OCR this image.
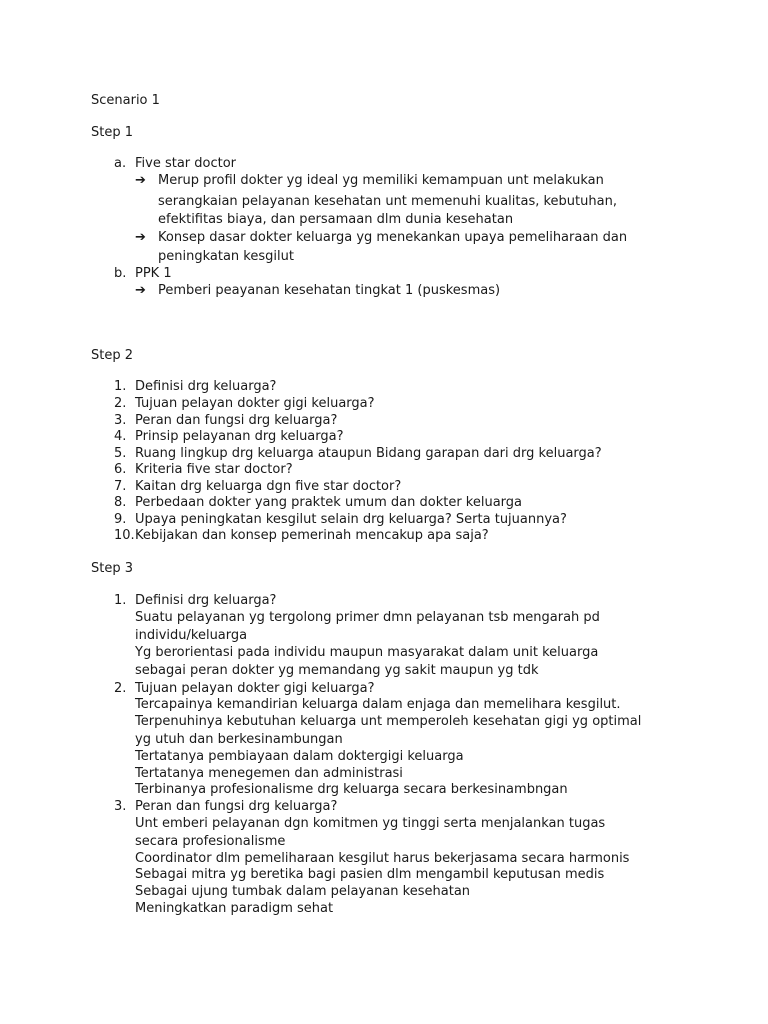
Scenario 1
Step 1
a. Five star doctor
➔ Merup profil dokter yg ideal yg memiliki kemampuan unt melakukan
serangkaian pelayanan kesehatan unt memenuhi kualitas, kebutuhan,
efektifitas biaya, dan persamaan dlm dunia kesehatan
➔ Konsep dasar dokter keluarga yg menekankan upaya pemeliharaan dan
peningkatan kesgilut
b. PPK 1
➔ Pemberi peayanan kesehatan tingkat 1 (puskesmas)
Step 2
1. Definisi drg keluarga?
2. Tujuan pelayan dokter gigi keluarga?
3. Peran dan fungsi drg keluarga?
4. Prinsip pelayanan drg keluarga?
5. Ruang lingkup drg keluarga ataupun Bidang garapan dari drg keluarga?
6. Kriteria five star doctor?
7. Kaitan drg keluarga dgn five star doctor?
8. Perbedaan dokter yang praktek umum dan dokter keluarga
9. Upaya peningkatan kesgilut selain drg keluarga? Serta tujuannya?
10. Kebijakan dan konsep pemerinah mencakup apa saja?
Step 3
1. Definisi drg keluarga?
Suatu pelayanan yg tergolong primer dmn pelayanan tsb mengarah pd
individu/keluarga
Yg berorientasi pada individu maupun masyarakat dalam unit keluarga
sebagai peran dokter yg memandang yg sakit maupun yg tdk
2. Tujuan pelayan dokter gigi keluarga?
Tercapainya kemandirian keluarga dalam enjaga dan memelihara kesgilut.
Terpenuhinya kebutuhan keluarga unt memperoleh kesehatan gigi yg optimal
yg utuh dan berkesinambungan
Tertatanya pembiayaan dalam doktergigi keluarga
Tertatanya menegemen dan administrasi
Terbinanya profesionalisme drg keluarga secara berkesinambngan
3. Peran dan fungsi drg keluarga?
Unt emberi pelayanan dgn komitmen yg tinggi serta menjalankan tugas
secara profesionalisme
Coordinator dlm pemeliharaan kesgilut harus bekerjasama secara harmonis
Sebagai mitra yg beretika bagi pasien dlm mengambil keputusan medis
Sebagai ujung tumbak dalam pelayanan kesehatan
Meningkatkan paradigm sehat
